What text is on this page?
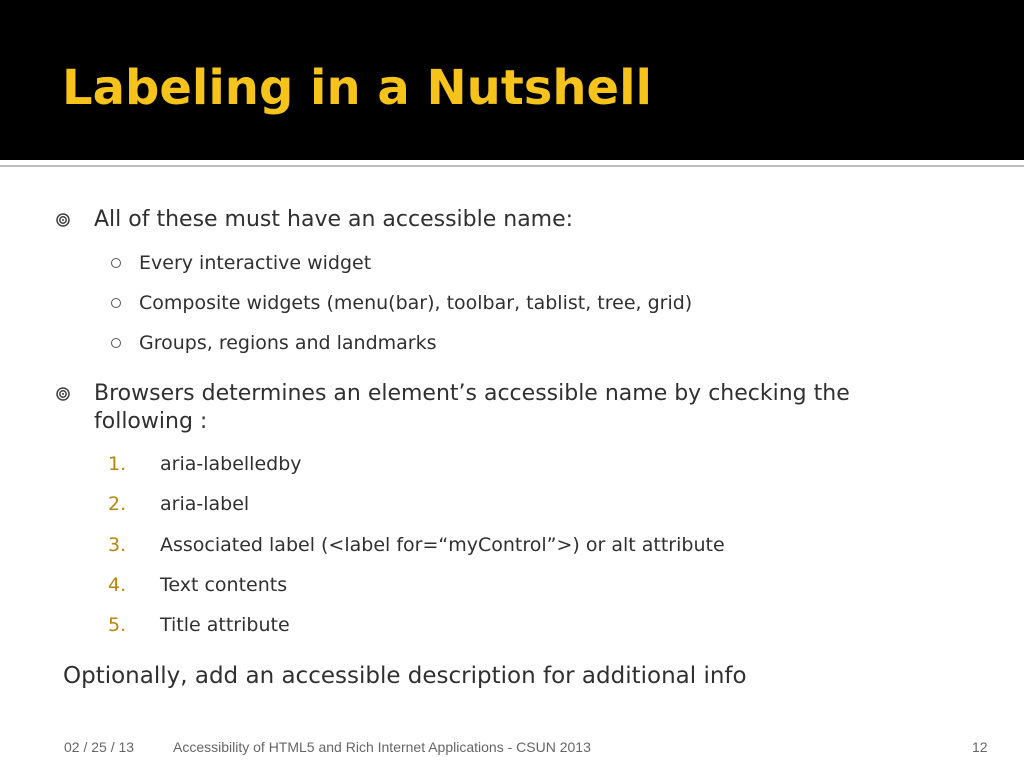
Labeling in a Nutshell
All of these must have an accessible name:
Every interactive widget
Composite widgets (menu(bar), toolbar, tablist, tree, grid)
Groups, regions and landmarks
Browsers determines an element’s accessible name by checking the following :
1. aria-labelledby
2. aria-label
3. Associated label (<label for=“myControl”>) or alt attribute
4. Text contents
5. Title attribute
Optionally, add an accessible description for additional info
02 / 25 / 13	Accessibility of HTML5 and Rich Internet Applications - CSUN 2013	12
